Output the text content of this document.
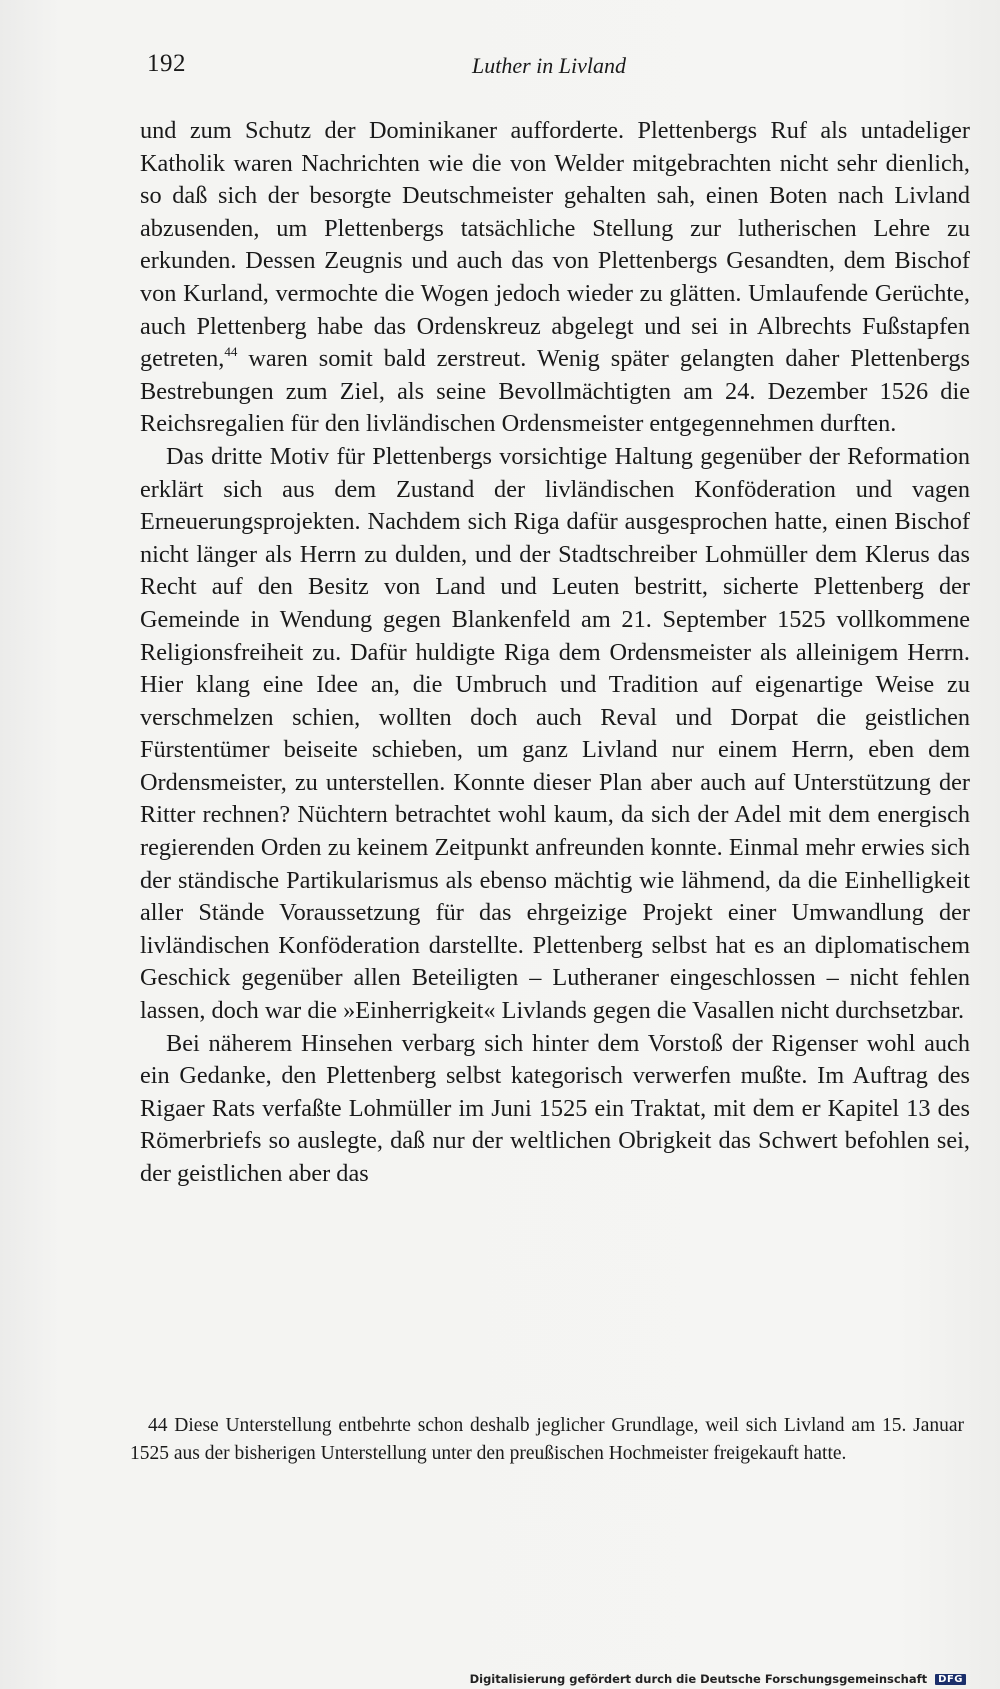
192	Luther in Livland

und zum Schutz der Dominikaner aufforderte. Plettenbergs Ruf als untadeliger Katholik waren Nachrichten wie die von Welder mitgebrachten nicht sehr dienlich, so daß sich der besorgte Deutschmeister gehalten sah, einen Boten nach Livland abzusenden, um Plettenbergs tatsächliche Stellung zur lutherischen Lehre zu erkunden. Dessen Zeugnis und auch das von Plettenbergs Gesandten, dem Bischof von Kurland, vermochte die Wogen jedoch wieder zu glätten. Umlaufende Gerüchte, auch Plettenberg habe das Ordenskreuz abgelegt und sei in Albrechts Fußstapfen getreten,$^{44}$ waren somit bald zerstreut. Wenig später gelangten daher Plettenbergs Bestrebungen zum Ziel, als seine Bevollmächtigten am 24. Dezember 1526 die Reichsregalien für den livländischen Ordensmeister entgegennehmen durften.

Das dritte Motiv für Plettenbergs vorsichtige Haltung gegenüber der Reformation erklärt sich aus dem Zustand der livländischen Konföderation und vagen Erneuerungsprojekten. Nachdem sich Riga dafür ausgesprochen hatte, einen Bischof nicht länger als Herrn zu dulden, und der Stadtschreiber Lohmüller dem Klerus das Recht auf den Besitz von Land und Leuten bestritt, sicherte Plettenberg der Gemeinde in Wendung gegen Blankenfeld am 21. September 1525 vollkommene Religionsfreiheit zu. Dafür huldigte Riga dem Ordensmeister als alleinigem Herrn. Hier klang eine Idee an, die Umbruch und Tradition auf eigenartige Weise zu verschmelzen schien, wollten doch auch Reval und Dorpat die geistlichen Fürstentümer beiseite schieben, um ganz Livland nur einem Herrn, eben dem Ordensmeister, zu unterstellen. Konnte dieser Plan aber auch auf Unterstützung der Ritter rechnen? Nüchtern betrachtet wohl kaum, da sich der Adel mit dem energisch regierenden Orden zu keinem Zeitpunkt anfreunden konnte. Einmal mehr erwies sich der ständische Partikularismus als ebenso mächtig wie lähmend, da die Einhelligkeit aller Stände Voraussetzung für das ehrgeizige Projekt einer Umwandlung der livländischen Konföderation darstellte. Plettenberg selbst hat es an diplomatischem Geschick gegenüber allen Beteiligten – Lutheraner eingeschlossen – nicht fehlen lassen, doch war die »Einherrigkeit« Livlands gegen die Vasallen nicht durchsetzbar.

Bei näherem Hinsehen verbarg sich hinter dem Vorstoß der Rigenser wohl auch ein Gedanke, den Plettenberg selbst kategorisch verwerfen mußte. Im Auftrag des Rigaer Rats verfaßte Lohmüller im Juni 1525 ein Traktat, mit dem er Kapitel 13 des Römerbriefs so auslegte, daß nur der weltlichen Obrigkeit das Schwert befohlen sei, der geistlichen aber das

44 Diese Unterstellung entbehrte schon deshalb jeglicher Grundlage, weil sich Livland am 15. Januar 1525 aus der bisherigen Unterstellung unter den preußischen Hochmeister freigekauft hatte.

Digitalisierung gefördert durch die Deutsche Forschungsgemeinschaft DFG
